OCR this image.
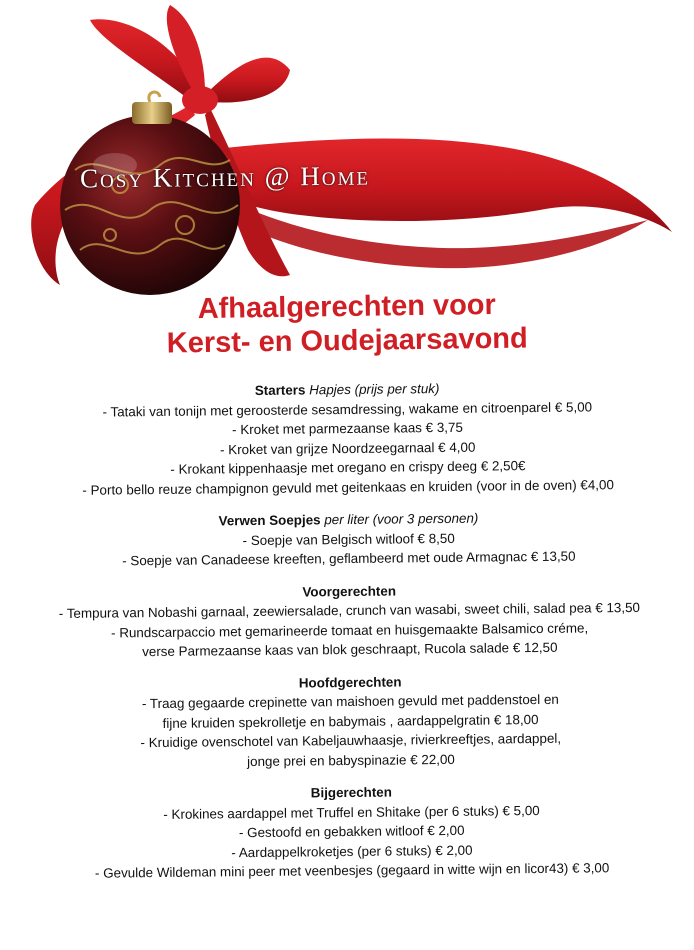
Cosy Kitchen @ Home
Afhaalgerechten voor
Kerst- en Oudejaarsavond
Starters Hapjes (prijs per stuk)
- Tataki van tonijn met geroosterde sesamdressing, wakame en citroenparel € 5,00
- Kroket met parmezaanse kaas € 3,75
- Kroket van grijze Noordzeegarnaal € 4,00
- Krokant kippenhaasje met oregano en crispy deeg € 2,50€
- Porto bello reuze champignon gevuld met geitenkaas en kruiden (voor in de oven) €4,00
Verwen Soepjes per liter (voor 3 personen)
- Soepje van Belgisch witloof € 8,50
- Soepje van Canadeese kreeften, geflambeerd met oude Armagnac € 13,50
Voorgerechten
- Tempura van Nobashi garnaal, zeewiersalade, crunch van wasabi, sweet chili, salad pea € 13,50
- Rundscarpaccio met gemarineerde tomaat en huisgemaakte Balsamico créme,
verse Parmezaanse kaas van blok geschraapt, Rucola salade € 12,50
Hoofdgerechten
- Traag gegaarde crepinette van maishoen gevuld met paddenstoel en
fijne kruiden spekrolletje en babymais , aardappelgratin € 18,00
- Kruidige ovenschotel van Kabeljauwhaasje, rivierkreeftjes, aardappel,
jonge prei en babyspinazie € 22,00
Bijgerechten
- Krokines aardappel met Truffel en Shitake (per 6 stuks) € 5,00
- Gestoofd en gebakken witloof € 2,00
- Aardappelkroketjes (per 6 stuks) € 2,00
- Gevulde Wildeman mini peer met veenbesjes (gegaard in witte wijn en licor43) € 3,00
